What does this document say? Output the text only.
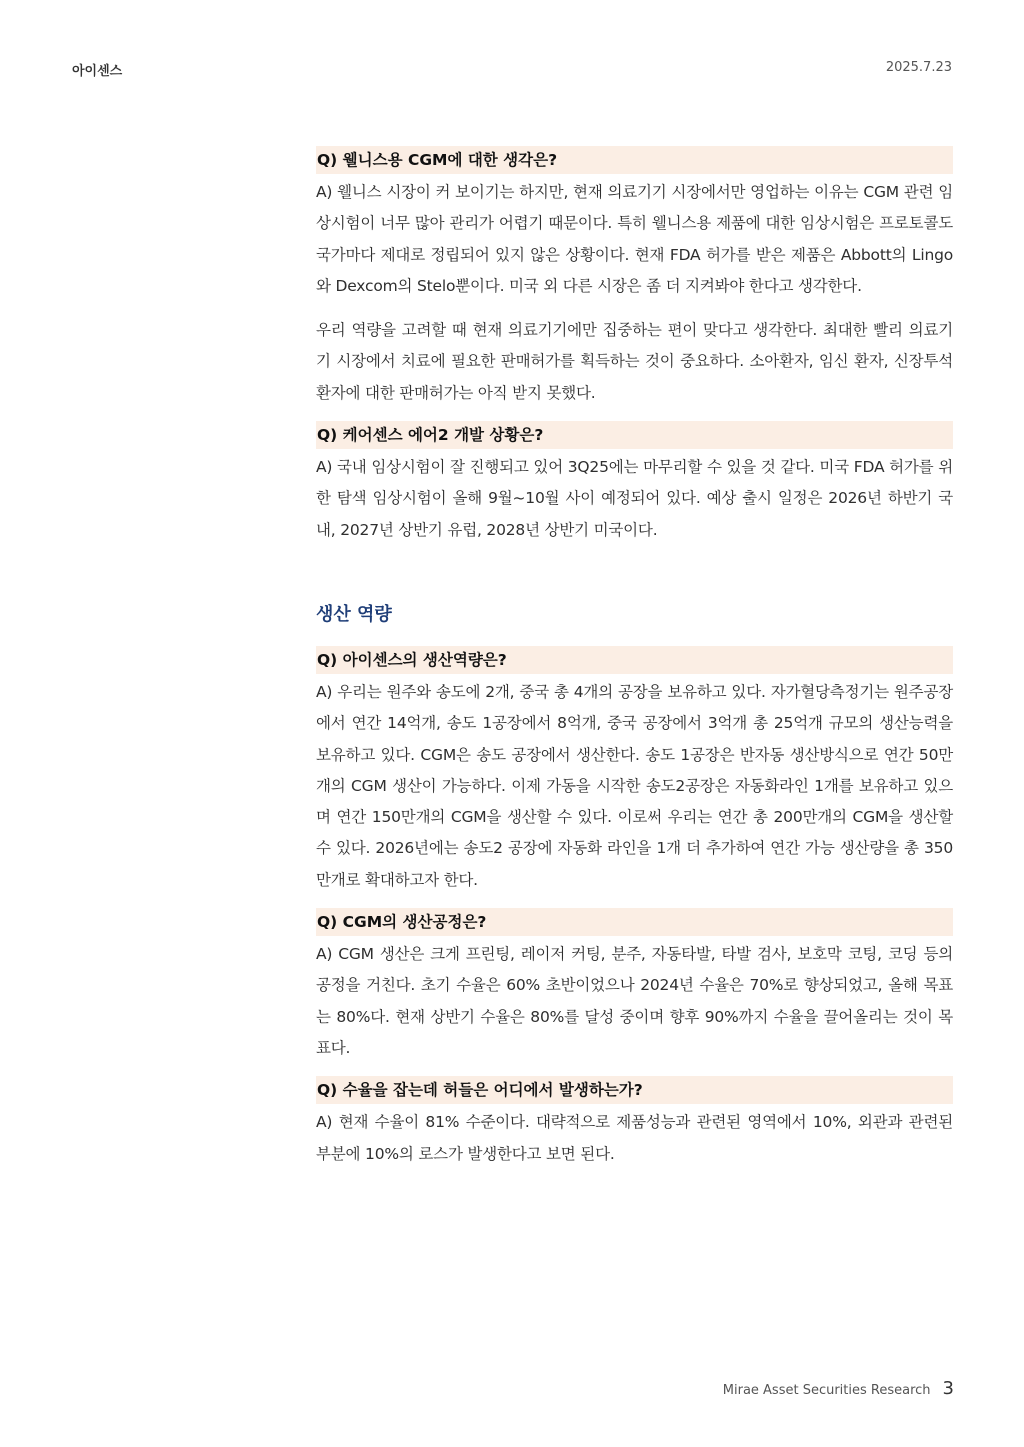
아이센스	2025.7.23
Q) 웰니스용 CGM에 대한 생각은?

A) 웰니스 시장이 커 보이기는 하지만, 현재 의료기기 시장에서만 영업하는 이유는 CGM 관련 임상시험이 너무 많아 관리가 어렵기 때문이다. 특히 웰니스용 제품에 대한 임상시험은 프로토콜도 국가마다 제대로 정립되어 있지 않은 상황이다. 현재 FDA 허가를 받은 제품은 Abbott의 Lingo와 Dexcom의 Stelo뿐이다. 미국 외 다른 시장은 좀 더 지켜봐야 한다고 생각한다.

우리 역량을 고려할 때 현재 의료기기에만 집중하는 편이 맞다고 생각한다. 최대한 빨리 의료기기 시장에서 치료에 필요한 판매허가를 획득하는 것이 중요하다. 소아환자, 임신 환자, 신장투석환자에 대한 판매허가는 아직 받지 못했다.

Q) 케어센스 에어2 개발 상황은?

A) 국내 임상시험이 잘 진행되고 있어 3Q25에는 마무리할 수 있을 것 같다. 미국 FDA 허가를 위한 탐색 임상시험이 올해 9월~10월 사이 예정되어 있다. 예상 출시 일정은 2026년 하반기 국내, 2027년 상반기 유럽, 2028년 상반기 미국이다.

생산 역량
Q) 아이센스의 생산역량은?

A) 우리는 원주와 송도에 2개, 중국 총 4개의 공장을 보유하고 있다. 자가혈당측정기는 원주공장에서 연간 14억개, 송도 1공장에서 8억개, 중국 공장에서 3억개 총 25억개 규모의 생산능력을 보유하고 있다. CGM은 송도 공장에서 생산한다. 송도 1공장은 반자동 생산방식으로 연간 50만개의 CGM 생산이 가능하다. 이제 가동을 시작한 송도2공장은 자동화라인 1개를 보유하고 있으며 연간 150만개의 CGM을 생산할 수 있다. 이로써 우리는 연간 총 200만개의 CGM을 생산할 수 있다. 2026년에는 송도2 공장에 자동화 라인을 1개 더 추가하여 연간 가능 생산량을 총 350만개로 확대하고자 한다.

Q) CGM의 생산공정은?

A) CGM 생산은 크게 프린팅, 레이저 커팅, 분주, 자동타발, 타발 검사, 보호막 코팅, 코딩 등의 공정을 거친다. 초기 수율은 60% 초반이었으나 2024년 수율은 70%로 향상되었고, 올해 목표는 80%다. 현재 상반기 수율은 80%를 달성 중이며 향후 90%까지 수율을 끌어올리는 것이 목표다.

Q) 수율을 잡는데 허들은 어디에서 발생하는가?

A) 현재 수율이 81% 수준이다. 대략적으로 제품성능과 관련된 영역에서 10%, 외관과 관련된 부분에 10%의 로스가 발생한다고 보면 된다.

Mirae Asset Securities Research 3
